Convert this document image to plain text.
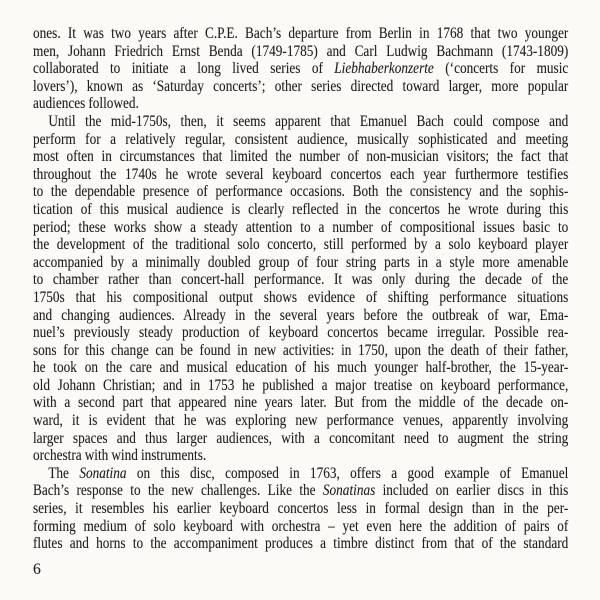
ones. It was two years after C.P.E. Bach’s departure from Berlin in 1768 that two younger
men, Johann Friedrich Ernst Benda (1749-1785) and Carl Ludwig Bachmann (1743-1809)
collaborated to initiate a long lived series of Liebhaberkonzerte (‘concerts for music
lovers’), known as ‘Saturday concerts’; other series directed toward larger, more popular
audiences followed.
Until the mid-1750s, then, it seems apparent that Emanuel Bach could compose and
perform for a relatively regular, consistent audience, musically sophisticated and meeting
most often in circumstances that limited the number of non-musician visitors; the fact that
throughout the 1740s he wrote several keyboard concertos each year furthermore testifies
to the dependable presence of performance occasions. Both the consistency and the sophis-
tication of this musical audience is clearly reflected in the concertos he wrote during this
period; these works show a steady attention to a number of compositional issues basic to
the development of the traditional solo concerto, still performed by a solo keyboard player
accompanied by a minimally doubled group of four string parts in a style more amenable
to chamber rather than concert-hall performance. It was only during the decade of the
1750s that his compositional output shows evidence of shifting performance situations
and changing audiences. Already in the several years before the outbreak of war, Ema-
nuel’s previously steady production of keyboard concertos became irregular. Possible rea-
sons for this change can be found in new activities: in 1750, upon the death of their father,
he took on the care and musical education of his much younger half-brother, the 15-year-
old Johann Christian; and in 1753 he published a major treatise on keyboard performance,
with a second part that appeared nine years later. But from the middle of the decade on-
ward, it is evident that he was exploring new performance venues, apparently involving
larger spaces and thus larger audiences, with a concomitant need to augment the string
orchestra with wind instruments.
The Sonatina on this disc, composed in 1763, offers a good example of Emanuel
Bach’s response to the new challenges. Like the Sonatinas included on earlier discs in this
series, it resembles his earlier keyboard concertos less in formal design than in the per-
forming medium of solo keyboard with orchestra – yet even here the addition of pairs of
flutes and horns to the accompaniment produces a timbre distinct from that of the standard
6
